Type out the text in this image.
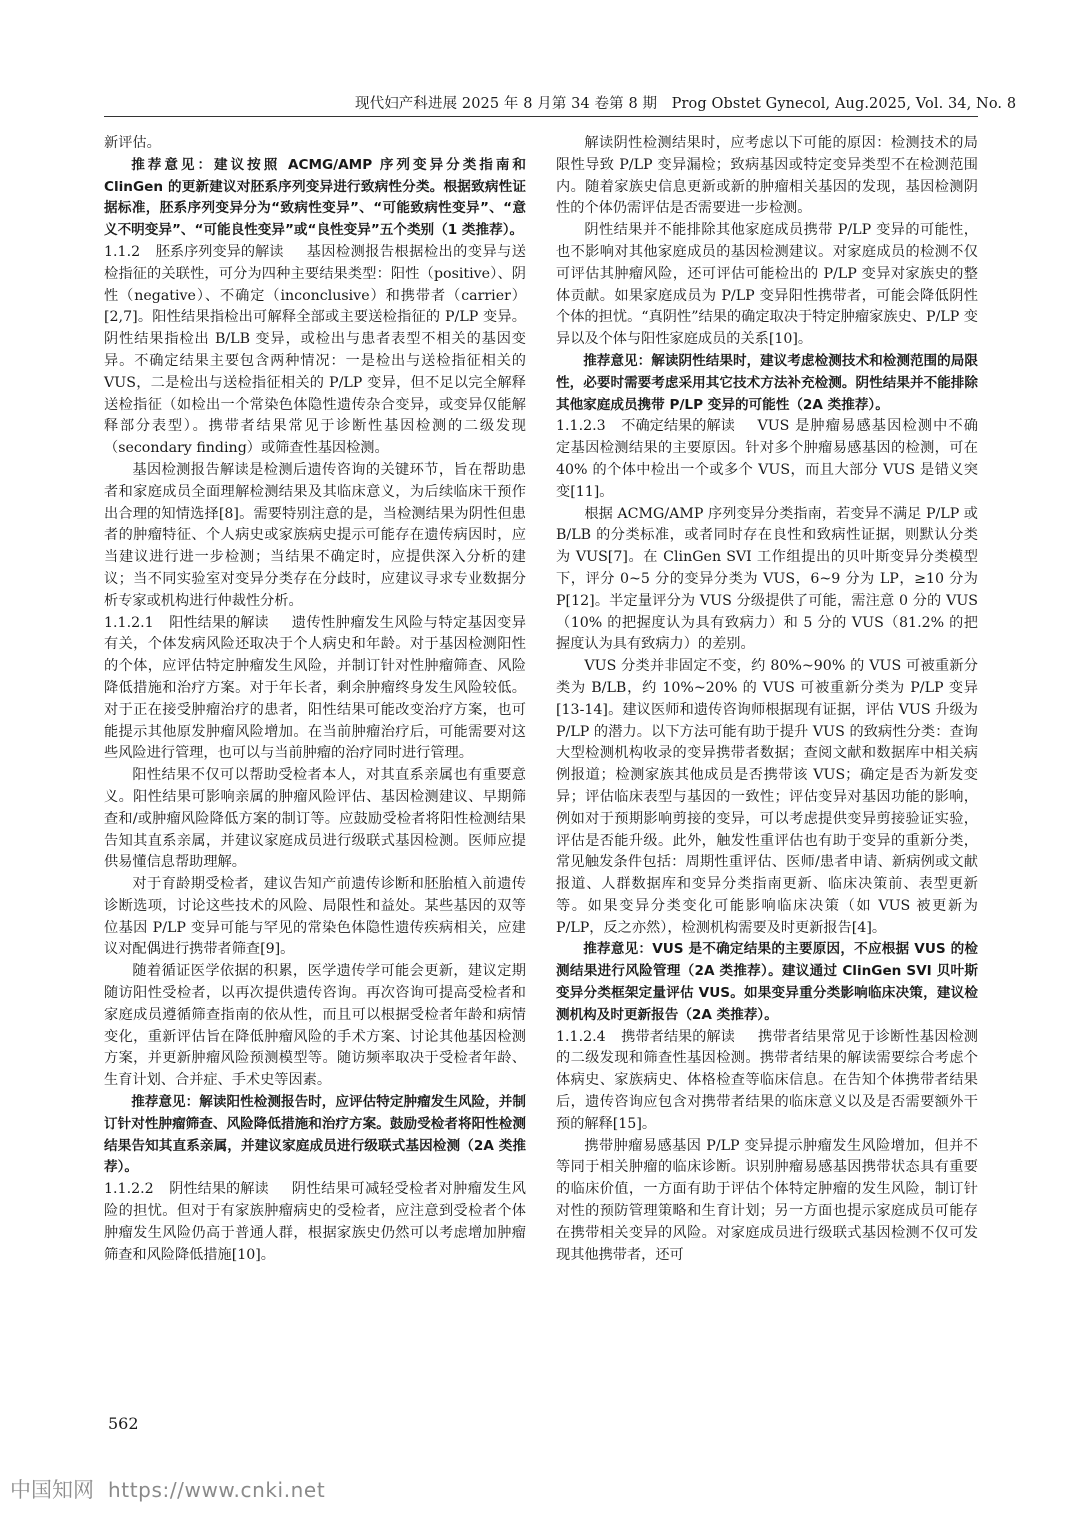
现代妇产科进展 2025 年 8 月第 34 卷第 8 期　Prog Obstet Gynecol, Aug.2025, Vol. 34, No. 8

新评估。

推荐意见：建议按照 ACMG/AMP 序列变异分类指南和 ClinGen 的更新建议对胚系序列变异进行致病性分类。根据致病性证据标准，胚系序列变异分为“致病性变异”、“可能致病性变异”、“意义不明变异”、“可能良性变异”或“良性变异”五个类别（1 类推荐）。

1.1.2 胚系序列变异的解读 基因检测报告根据检出的变异与送检指征的关联性，可分为四种主要结果类型：阳性（positive）、阴性（negative）、不确定（inconclusive）和携带者（carrier）[2,7]。阳性结果指检出可解释全部或主要送检指征的 P/LP 变异。阴性结果指检出 B/LB 变异，或检出与患者表型不相关的基因变异。不确定结果主要包含两种情况：一是检出与送检指征相关的 VUS，二是检出与送检指征相关的 P/LP 变异，但不足以完全解释送检指征（如检出一个常染色体隐性遗传杂合变异，或变异仅能解释部分表型）。携带者结果常见于诊断性基因检测的二级发现（secondary finding）或筛查性基因检测。

基因检测报告解读是检测后遗传咨询的关键环节，旨在帮助患者和家庭成员全面理解检测结果及其临床意义，为后续临床干预作出合理的知情选择[8]。需要特别注意的是，当检测结果为阴性但患者的肿瘤特征、个人病史或家族病史提示可能存在遗传病因时，应当建议进行进一步检测；当结果不确定时，应提供深入分析的建议；当不同实验室对变异分类存在分歧时，应建议寻求专业数据分析专家或机构进行仲裁性分析。

1.1.2.1 阳性结果的解读 遗传性肿瘤发生风险与特定基因变异有关，个体发病风险还取决于个人病史和年龄。对于基因检测阳性的个体，应评估特定肿瘤发生风险，并制订针对性肿瘤筛查、风险降低措施和治疗方案。对于年长者，剩余肿瘤终身发生风险较低。对于正在接受肿瘤治疗的患者，阳性结果可能改变治疗方案，也可能提示其他原发肿瘤风险增加。在当前肿瘤治疗后，可能需要对这些风险进行管理，也可以与当前肿瘤的治疗同时进行管理。

阳性结果不仅可以帮助受检者本人，对其直系亲属也有重要意义。阳性结果可影响亲属的肿瘤风险评估、基因检测建议、早期筛查和/或肿瘤风险降低方案的制订等。应鼓励受检者将阳性检测结果告知其直系亲属，并建议家庭成员进行级联式基因检测。医师应提供易懂信息帮助理解。

对于育龄期受检者，建议告知产前遗传诊断和胚胎植入前遗传诊断选项，讨论这些技术的风险、局限性和益处。某些基因的双等位基因 P/LP 变异可能与罕见的常染色体隐性遗传疾病相关，应建议对配偶进行携带者筛查[9]。

随着循证医学依据的积累，医学遗传学可能会更新，建议定期随访阳性受检者，以再次提供遗传咨询。再次咨询可提高受检者和家庭成员遵循筛查指南的依从性，而且可以根据受检者年龄和病情变化，重新评估旨在降低肿瘤风险的手术方案、讨论其他基因检测方案，并更新肿瘤风险预测模型等。随访频率取决于受检者年龄、生育计划、合并症、手术史等因素。

推荐意见：解读阳性检测报告时，应评估特定肿瘤发生风险，并制订针对性肿瘤筛查、风险降低措施和治疗方案。鼓励受检者将阳性检测结果告知其直系亲属，并建议家庭成员进行级联式基因检测（2A 类推荐）。

1.1.2.2 阴性结果的解读 阴性结果可减轻受检者对肿瘤发生风险的担忧。但对于有家族肿瘤病史的受检者，应注意到受检者个体肿瘤发生风险仍高于普通人群，根据家族史仍然可以考虑增加肿瘤筛查和风险降低措施[10]。

解读阴性检测结果时，应考虑以下可能的原因：检测技术的局限性导致 P/LP 变异漏检；致病基因或特定变异类型不在检测范围内。随着家族史信息更新或新的肿瘤相关基因的发现，基因检测阴性的个体仍需评估是否需要进一步检测。

阴性结果并不能排除其他家庭成员携带 P/LP 变异的可能性，也不影响对其他家庭成员的基因检测建议。对家庭成员的检测不仅可评估其肿瘤风险，还可评估可能检出的 P/LP 变异对家族史的整体贡献。如果家庭成员为 P/LP 变异阳性携带者，可能会降低阴性个体的担忧。“真阴性”结果的确定取决于特定肿瘤家族史、P/LP 变异以及个体与阳性家庭成员的关系[10]。

推荐意见：解读阴性结果时，建议考虑检测技术和检测范围的局限性，必要时需要考虑采用其它技术方法补充检测。阴性结果并不能排除其他家庭成员携带 P/LP 变异的可能性（2A 类推荐）。

1.1.2.3 不确定结果的解读 VUS 是肿瘤易感基因检测中不确定基因检测结果的主要原因。针对多个肿瘤易感基因的检测，可在 40% 的个体中检出一个或多个 VUS，而且大部分 VUS 是错义突变[11]。

根据 ACMG/AMP 序列变异分类指南，若变异不满足 P/LP 或 B/LB 的分类标准，或者同时存在良性和致病性证据，则默认分类为 VUS[7]。在 ClinGen SVI 工作组提出的贝叶斯变异分类模型下，评分 0~5 分的变异分类为 VUS，6~9 分为 LP，≥10 分为 P[12]。半定量评分为 VUS 分级提供了可能，需注意 0 分的 VUS（10% 的把握度认为具有致病力）和 5 分的 VUS（81.2% 的把握度认为具有致病力）的差别。

VUS 分类并非固定不变，约 80%~90% 的 VUS 可被重新分类为 B/LB，约 10%~20% 的 VUS 可被重新分类为 P/LP 变异[13-14]。建议医师和遗传咨询师根据现有证据，评估 VUS 升级为 P/LP 的潜力。以下方法可能有助于提升 VUS 的致病性分类：查询大型检测机构收录的变异携带者数据；查阅文献和数据库中相关病例报道；检测家族其他成员是否携带该 VUS；确定是否为新发变异；评估临床表型与基因的一致性；评估变异对基因功能的影响，例如对于预期影响剪接的变异，可以考虑提供变异剪接验证实验，评估是否能升级。此外，触发性重评估也有助于变异的重新分类，常见触发条件包括：周期性重评估、医师/患者申请、新病例或文献报道、人群数据库和变异分类指南更新、临床决策前、表型更新等。如果变异分类变化可能影响临床决策（如 VUS 被更新为 P/LP，反之亦然），检测机构需要及时更新报告[4]。

推荐意见：VUS 是不确定结果的主要原因，不应根据 VUS 的检测结果进行风险管理（2A 类推荐）。建议通过 ClinGen SVI 贝叶斯变异分类框架定量评估 VUS。如果变异重分类影响临床决策，建议检测机构及时更新报告（2A 类推荐）。

1.1.2.4 携带者结果的解读 携带者结果常见于诊断性基因检测的二级发现和筛查性基因检测。携带者结果的解读需要综合考虑个体病史、家族病史、体格检查等临床信息。在告知个体携带者结果后，遗传咨询应包含对携带者结果的临床意义以及是否需要额外干预的解释[15]。

携带肿瘤易感基因 P/LP 变异提示肿瘤发生风险增加，但并不等同于相关肿瘤的临床诊断。识别肿瘤易感基因携带状态具有重要的临床价值，一方面有助于评估个体特定肿瘤的发生风险，制订针对性的预防管理策略和生育计划；另一方面也提示家庭成员可能存在携带相关变异的风险。对家庭成员进行级联式基因检测不仅可发现其他携带者，还可

562
中国知网 https://www.cnki.net
